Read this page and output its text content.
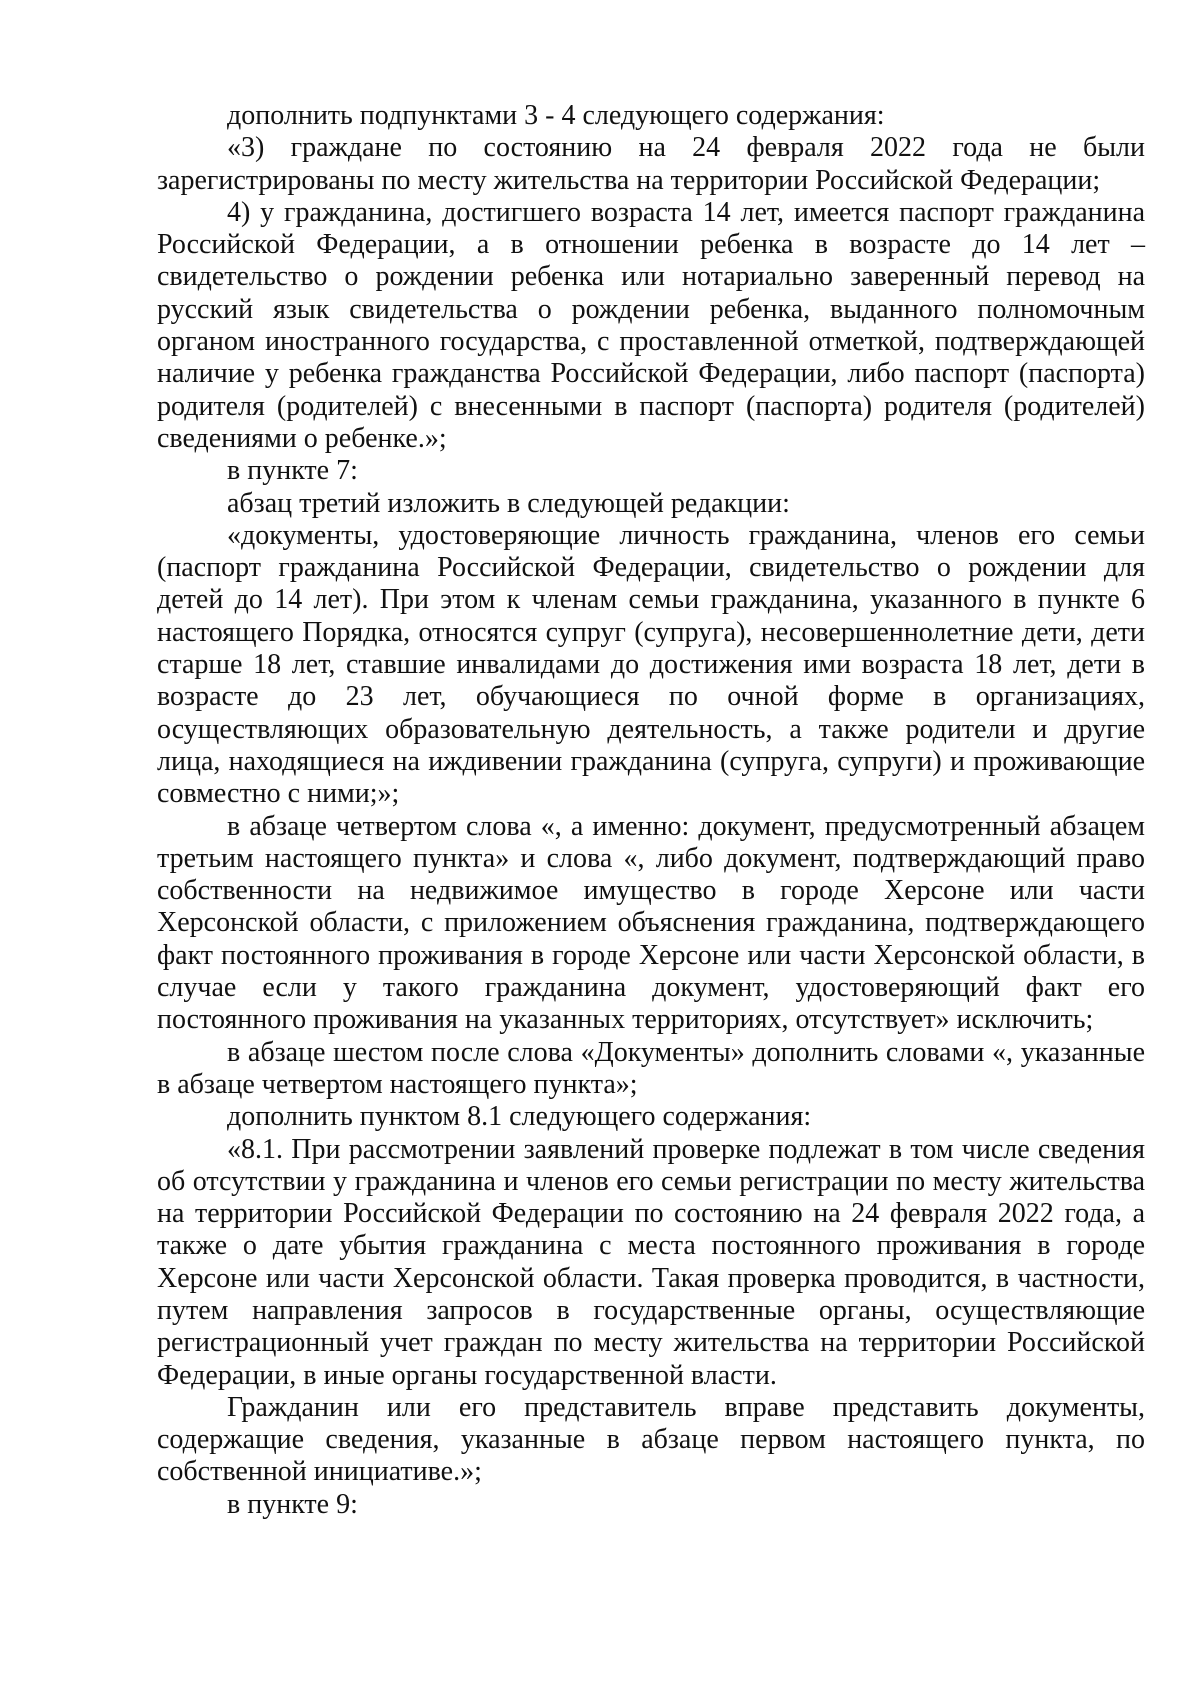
дополнить подпунктами 3 - 4 следующего содержания:

«3) граждане по состоянию на 24 февраля 2022 года не были зарегистрированы по месту жительства на территории Российской Федерации;

4) у гражданина, достигшего возраста 14 лет, имеется паспорт гражданина Российской Федерации, а в отношении ребенка в возрасте до 14 лет – свидетельство о рождении ребенка или нотариально заверенный перевод на русский язык свидетельства о рождении ребенка, выданного полномочным органом иностранного государства, с проставленной отметкой, подтверждающей наличие у ребенка гражданства Российской Федерации, либо паспорт (паспорта) родителя (родителей) с внесенными в паспорт (паспорта) родителя (родителей) сведениями о ребенке.»;

в пункте 7:

абзац третий изложить в следующей редакции:

«документы, удостоверяющие личность гражданина, членов его семьи (паспорт гражданина Российской Федерации, свидетельство о рождении для детей до 14 лет). При этом к членам семьи гражданина, указанного в пункте 6 настоящего Порядка, относятся супруг (супруга), несовершеннолетние дети, дети старше 18 лет, ставшие инвалидами до достижения ими возраста 18 лет, дети в возрасте до 23 лет, обучающиеся по очной форме в организациях, осуществляющих образовательную деятельность, а также родители и другие лица, находящиеся на иждивении гражданина (супруга, супруги) и проживающие совместно с ними;»;

в абзаце четвертом слова «, а именно: документ, предусмотренный абзацем третьим настоящего пункта» и слова «, либо документ, подтверждающий право собственности на недвижимое имущество в городе Херсоне или части Херсонской области, с приложением объяснения гражданина, подтверждающего факт постоянного проживания в городе Херсоне или части Херсонской области, в случае если у такого гражданина документ, удостоверяющий факт его постоянного проживания на указанных территориях, отсутствует» исключить;

в абзаце шестом после слова «Документы» дополнить словами «, указанные в абзаце четвертом настоящего пункта»;

дополнить пунктом 8.1 следующего содержания:

«8.1. При рассмотрении заявлений проверке подлежат в том числе сведения об отсутствии у гражданина и членов его семьи регистрации по месту жительства на территории Российской Федерации по состоянию на 24 февраля 2022 года, а также о дате убытия гражданина с места постоянного проживания в городе Херсоне или части Херсонской области. Такая проверка проводится, в частности, путем направления запросов в государственные органы, осуществляющие регистрационный учет граждан по месту жительства на территории Российской Федерации, в иные органы государственной власти.

Гражданин или его представитель вправе представить документы, содержащие сведения, указанные в абзаце первом настоящего пункта, по собственной инициативе.»;

в пункте 9:
